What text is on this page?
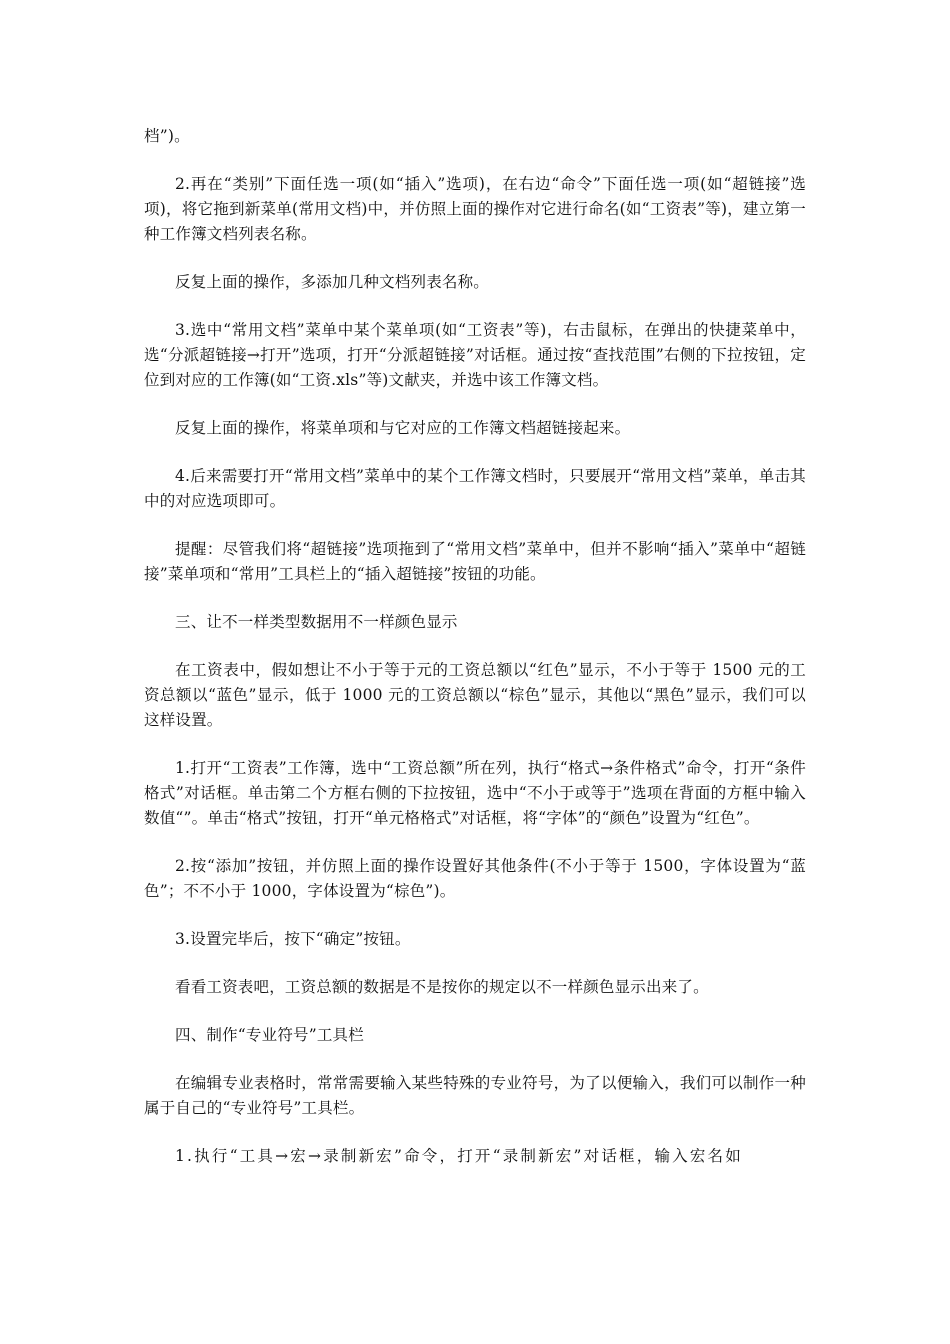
档”)。

2.再在“类别”下面任选一项(如“插入”选项)，在右边“命令”下面任选一项(如“超链接”选项)，将它拖到新菜单(常用文档)中，并仿照上面的操作对它进行命名(如“工资表”等)，建立第一种工作簿文档列表名称。

反复上面的操作，多添加几种文档列表名称。

3.选中“常用文档”菜单中某个菜单项(如“工资表”等)，右击鼠标，在弹出的快捷菜单中，选“分派超链接→打开”选项，打开“分派超链接”对话框。通过按“查找范围”右侧的下拉按钮，定位到对应的工作簿(如“工资.xls”等)文献夹，并选中该工作簿文档。

反复上面的操作，将菜单项和与它对应的工作簿文档超链接起来。

4.后来需要打开“常用文档”菜单中的某个工作簿文档时，只要展开“常用文档”菜单，单击其中的对应选项即可。

提醒：尽管我们将“超链接”选项拖到了“常用文档”菜单中，但并不影响“插入”菜单中“超链接”菜单项和“常用”工具栏上的“插入超链接”按钮的功能。

三、让不一样类型数据用不一样颜色显示

在工资表中，假如想让不小于等于元的工资总额以“红色”显示，不小于等于 1500 元的工资总额以“蓝色”显示，低于 1000 元的工资总额以“棕色”显示，其他以“黑色”显示，我们可以这样设置。

1.打开“工资表”工作簿，选中“工资总额”所在列，执行“格式→条件格式”命令，打开“条件格式”对话框。单击第二个方框右侧的下拉按钮，选中“不小于或等于”选项在背面的方框中输入数值“”。单击“格式”按钮，打开“单元格格式”对话框，将“字体”的“颜色”设置为“红色”。

2.按“添加”按钮，并仿照上面的操作设置好其他条件(不小于等于 1500，字体设置为“蓝色”；不不小于 1000，字体设置为“棕色”)。

3.设置完毕后，按下“确定”按钮。

看看工资表吧，工资总额的数据是不是按你的规定以不一样颜色显示出来了。

四、制作“专业符号”工具栏

在编辑专业表格时，常常需要输入某些特殊的专业符号，为了以便输入，我们可以制作一种属于自己的“专业符号”工具栏。

1.执行“工具→宏→录制新宏”命令，打开“录制新宏”对话框，输入宏名如
